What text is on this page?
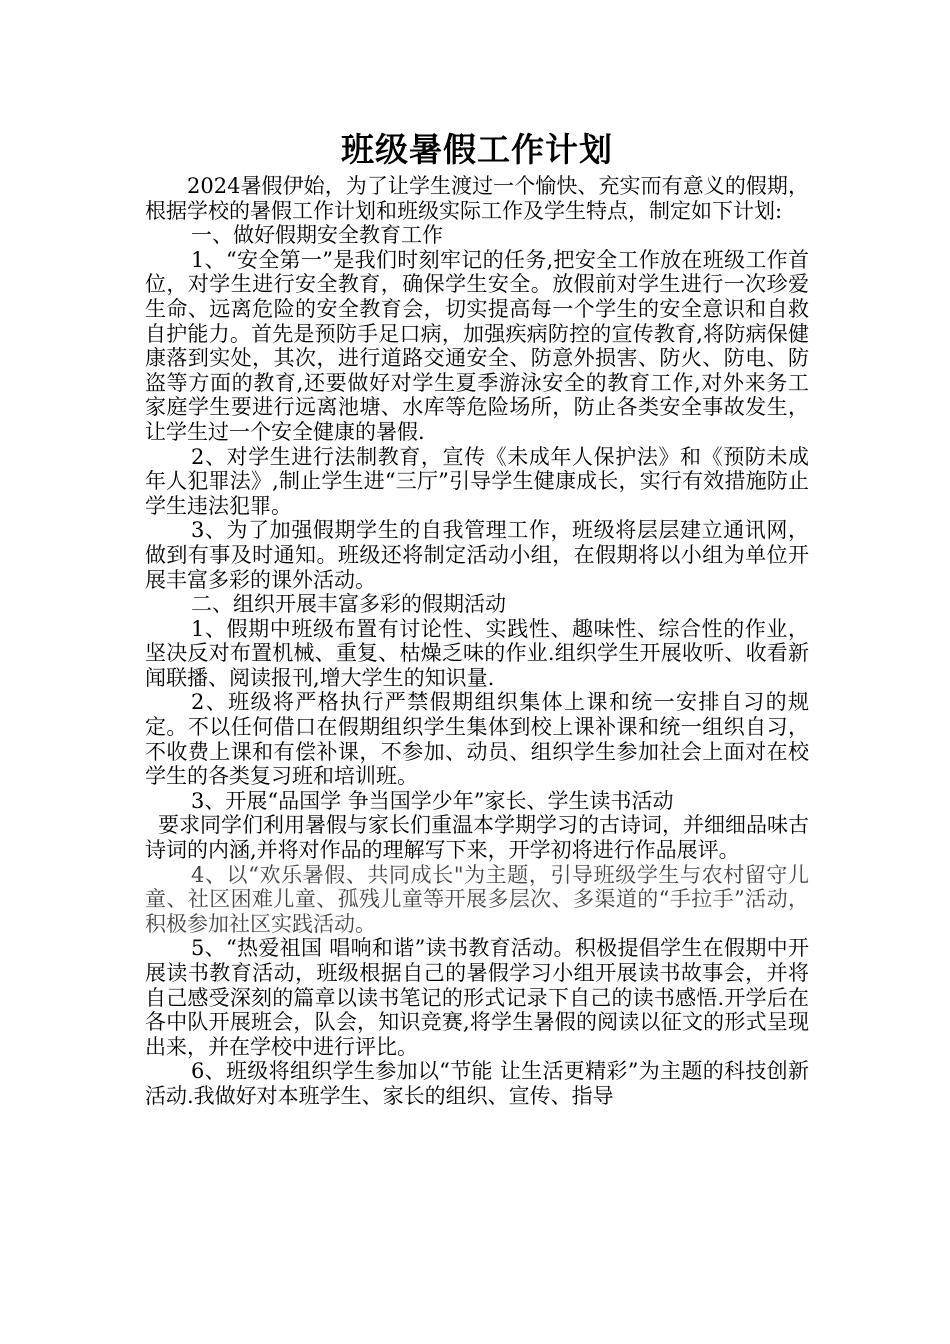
班级暑假工作计划

2024暑假伊始，为了让学生渡过一个愉快、充实而有意义的假期，根据学校的暑假工作计划和班级实际工作及学生特点，制定如下计划:

一、做好假期安全教育工作

1、“安全第一”是我们时刻牢记的任务,把安全工作放在班级工作首位，对学生进行安全教育，确保学生安全。放假前对学生进行一次珍爱生命、远离危险的安全教育会，切实提高每一个学生的安全意识和自救自护能力。首先是预防手足口病，加强疾病防控的宣传教育,将防病保健康落到实处，其次，进行道路交通安全、防意外损害、防火、防电、防盗等方面的教育,还要做好对学生夏季游泳安全的教育工作,对外来务工家庭学生要进行远离池塘、水库等危险场所，防止各类安全事故发生，让学生过一个安全健康的暑假.

2、对学生进行法制教育，宣传《未成年人保护法》和《预防未成年人犯罪法》,制止学生进“三厅”引导学生健康成长，实行有效措施防止学生违法犯罪。

3、为了加强假期学生的自我管理工作，班级将层层建立通讯网，做到有事及时通知。班级还将制定活动小组，在假期将以小组为单位开展丰富多彩的课外活动。

二、组织开展丰富多彩的假期活动

1、假期中班级布置有讨论性、实践性、趣味性、综合性的作业，坚决反对布置机械、重复、枯燥乏味的作业.组织学生开展收听、收看新闻联播、阅读报刊,增大学生的知识量.

2、班级将严格执行严禁假期组织集体上课和统一安排自习的规定。不以任何借口在假期组织学生集体到校上课补课和统一组织自习，不收费上课和有偿补课，不参加、动员、组织学生参加社会上面对在校学生的各类复习班和培训班。

3、开展“品国学 争当国学少年”家长、学生读书活动

要求同学们利用暑假与家长们重温本学期学习的古诗词，并细细品味古诗词的内涵,并将对作品的理解写下来，开学初将进行作品展评。

4、以“欢乐暑假、共同成长"为主题，引导班级学生与农村留守儿童、社区困难儿童、孤残儿童等开展多层次、多渠道的“手拉手”活动，积极参加社区实践活动。

5、“热爱祖国 唱响和谐”读书教育活动。积极提倡学生在假期中开展读书教育活动，班级根据自己的暑假学习小组开展读书故事会，并将自己感受深刻的篇章以读书笔记的形式记录下自己的读书感悟.开学后在各中队开展班会，队会，知识竞赛,将学生暑假的阅读以征文的形式呈现出来，并在学校中进行评比。

6、班级将组织学生参加以“节能 让生活更精彩”为主题的科技创新活动.我做好对本班学生、家长的组织、宣传、指导
